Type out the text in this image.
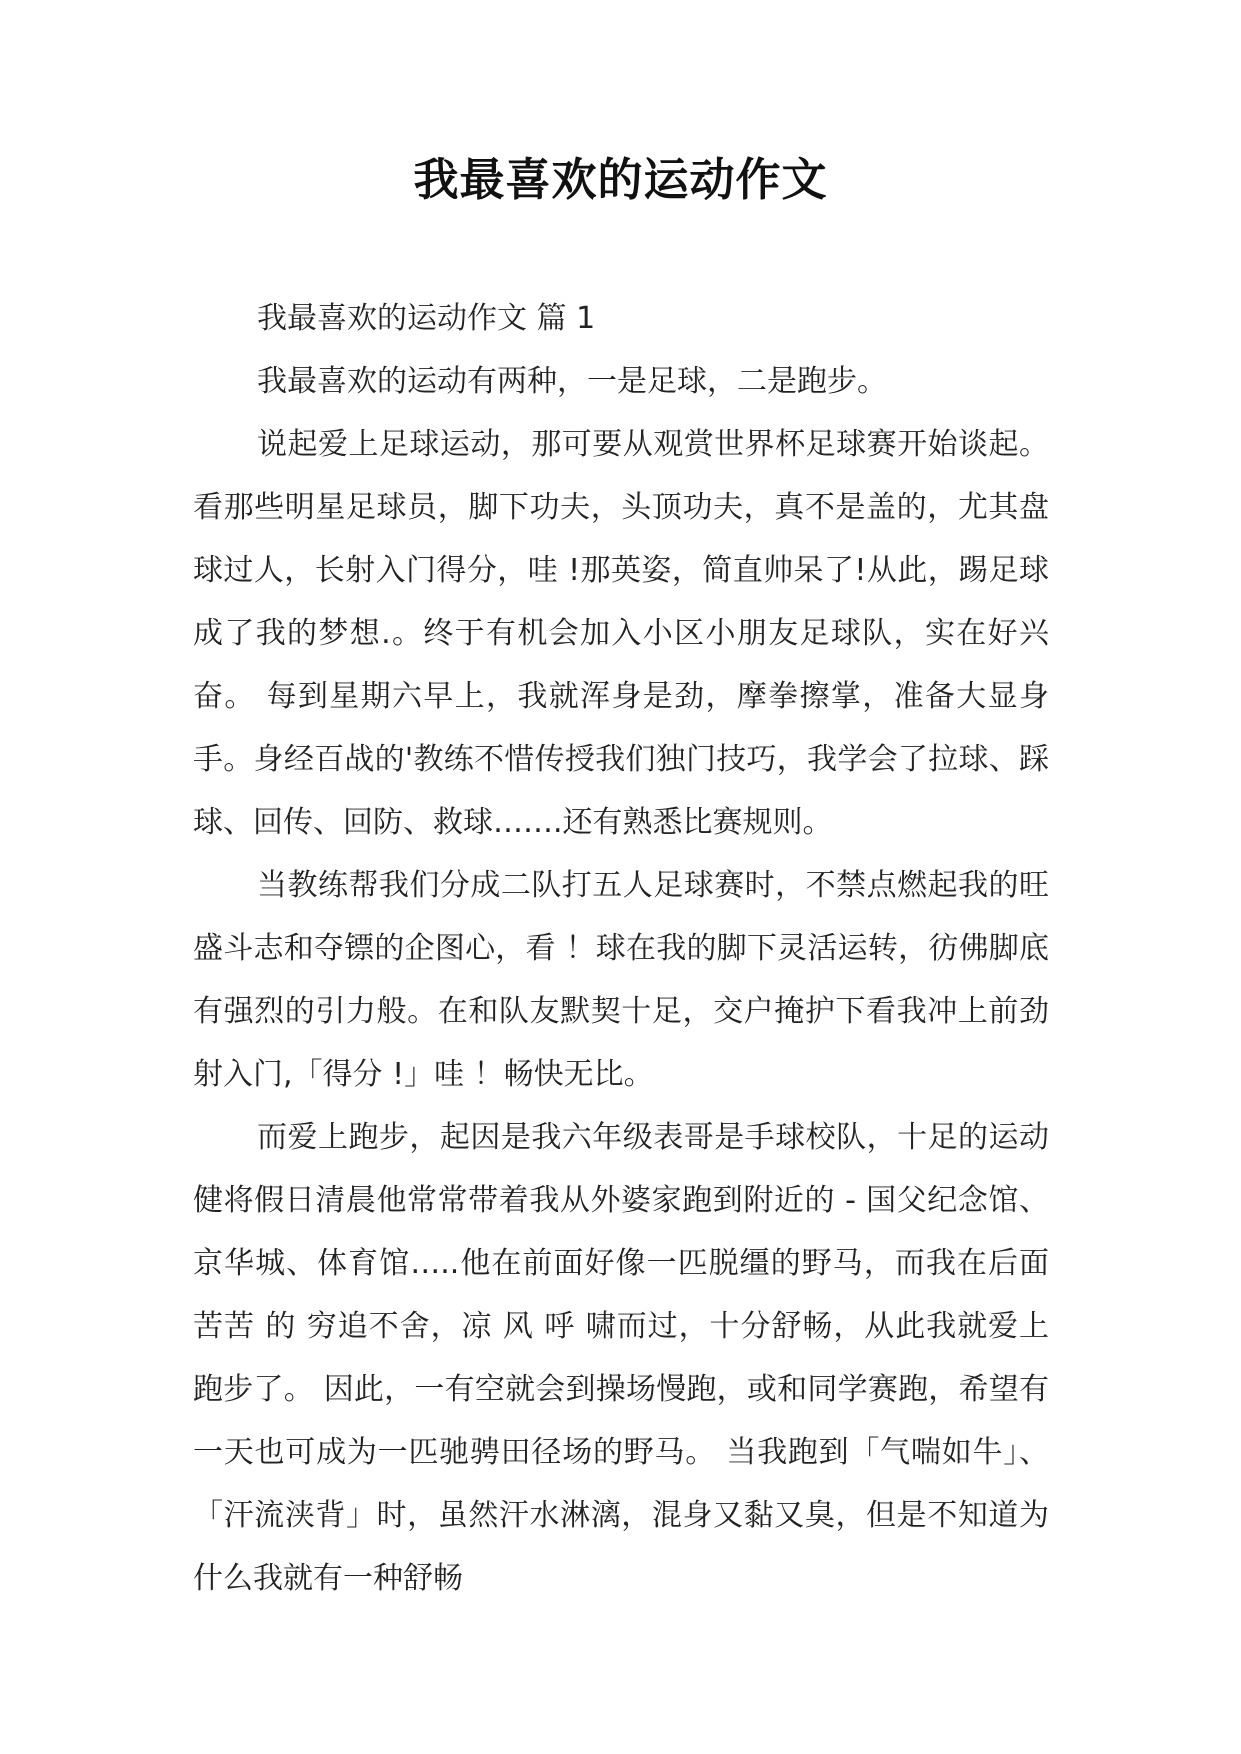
我最喜欢的运动作文

我最喜欢的运动作文 篇 1

我最喜欢的运动有两种，一是足球，二是跑步。

说起爱上足球运动，那可要从观赏世界杯足球赛开始谈起。 看那些明星足球员，脚下功夫，头顶功夫，真不是盖的，尤其盘球过人，长射入门得分，哇 !那英姿，简直帅呆了!从此，踢足球成了我的梦想.。终于有机会加入小区小朋友足球队，实在好兴奋。 每到星期六早上，我就浑身是劲，摩拳擦掌，准备大显身手。身经百战的'教练不惜传授我们独门技巧，我学会了拉球、踩球、回传、回防、救球…….还有熟悉比赛规则。

当教练帮我们分成二队打五人足球赛时，不禁点燃起我的旺盛斗志和夺镖的企图心，看 ！球在我的脚下灵活运转，彷佛脚底有强烈的引力般。在和队友默契十足，交户掩护下看我冲上前劲射入门,「得分 !」哇 ！畅快无比。

而爱上跑步，起因是我六年级表哥是手球校队，十足的运动健将假日清晨他常常带着我从外婆家跑到附近的 - 国父纪念馆、京华城、体育馆…..他在前面好像一匹脱缰的野马，而我在后面苦苦 的 穷追不舍，凉 风 呼 啸而过，十分舒畅，从此我就爱上跑步了。 因此，一有空就会到操场慢跑，或和同学赛跑，希望有一天也可成为一匹驰骋田径场的野马。 当我跑到「气喘如牛」、「汗流浃背」时，虽然汗水淋漓，混身又黏又臭，但是不知道为什么我就有一种舒畅
